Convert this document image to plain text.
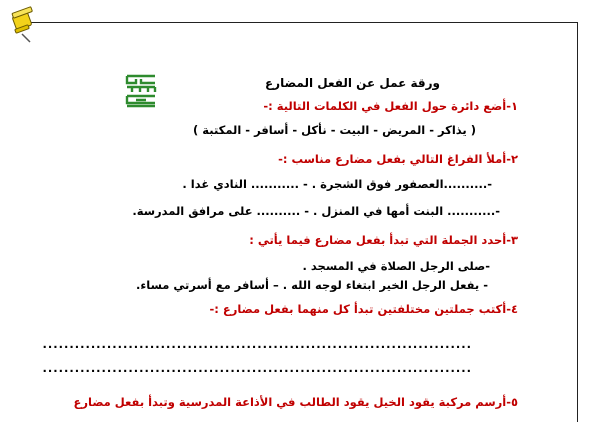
ورقة عمل عن الفعل المضارع
١-أضع دائرة حول الفعل في الكلمات التالية :-
( يذاكر - المريض - البيت - نأكل - أسافر - المكتبة )
٢-أملأ الفراغ التالي بفعل مضارع مناسب :-
-..........العصفور فوق الشجرة . - ........... النادي غدا .
-........... البنت أمها في المنزل . - .......... على مرافق المدرسة.
٣-أحدد الجملة التي تبدأ بفعل مضارع فيما يأتي :
-صلى الرجل الصلاة في المسجد .
- يفعل الرجل الخير ابتغاء لوجه الله . – أسافر مع أسرتي مساء.
٤-أكتب جملتين مختلفتين تبدأ كل منهما بفعل مضارع :-
................................................................................
................................................................................
٥-أرسم مركبة يقود الخيل يقود الطالب في الأذاعة المدرسية وتبدأ بفعل مضارع
